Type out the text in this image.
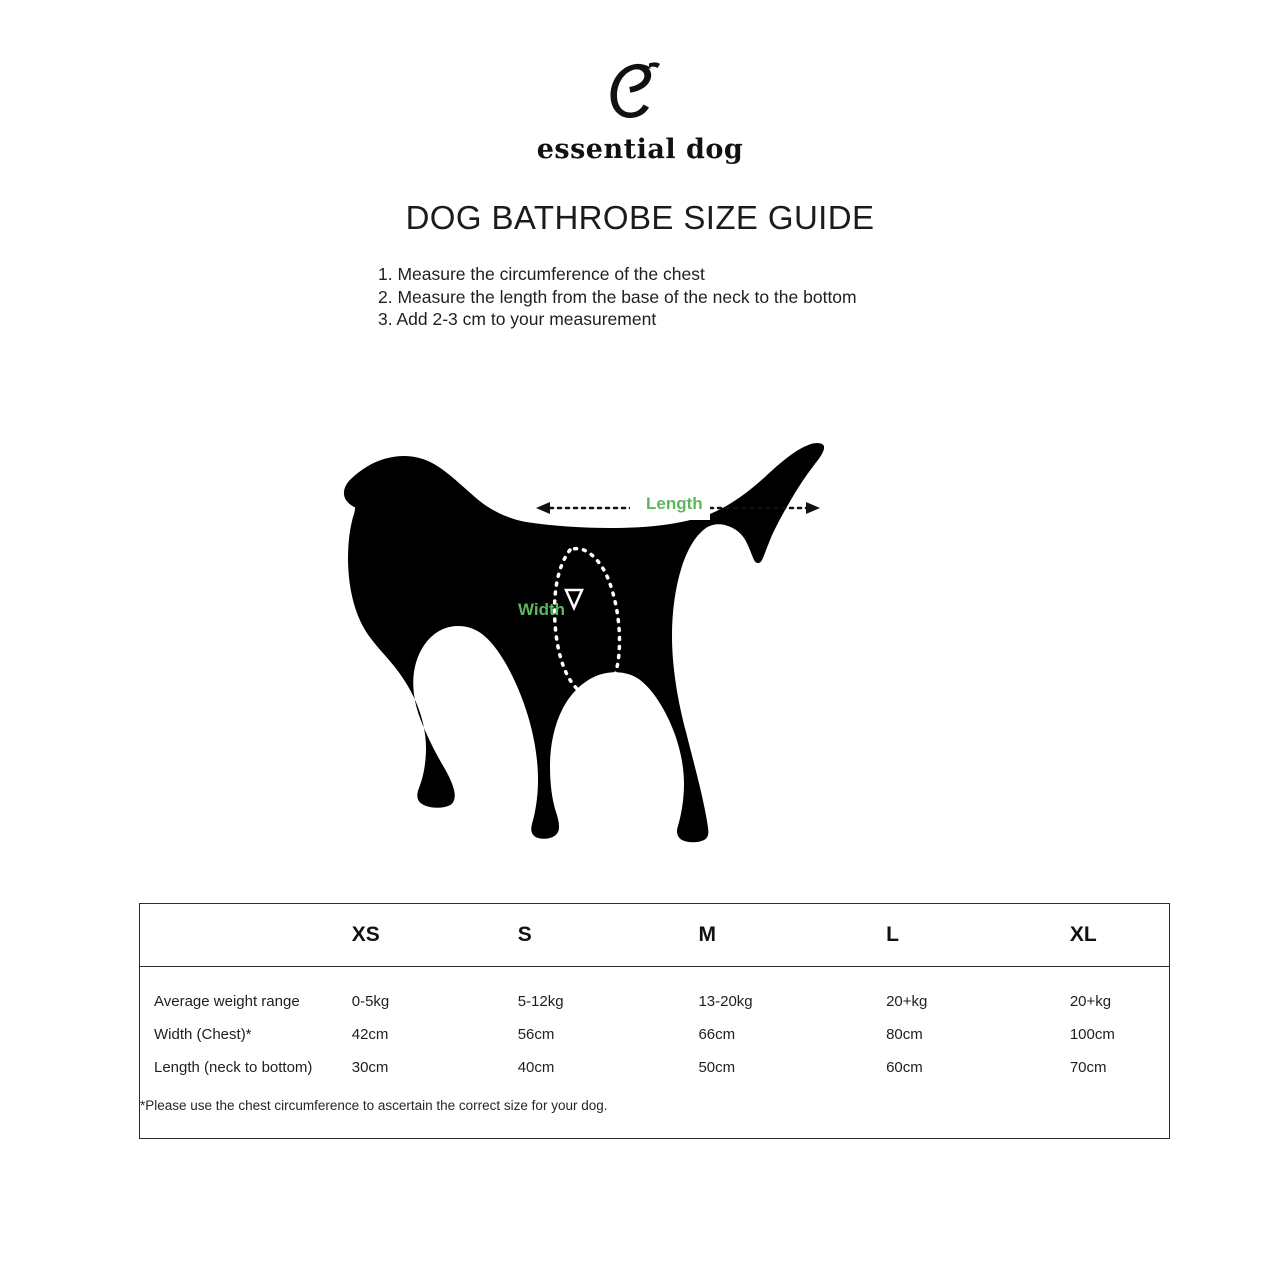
essential dog
DOG BATHROBE SIZE GUIDE
1. Measure the circumference of the chest
2. Measure the length from the base of the neck to the bottom
3. Add 2-3 cm to your measurement
Length
Width
	XS	S	M	L	XL
Average weight range	0-5kg	5-12kg	13-20kg	20+kg	20+kg
Width (Chest)*	42cm	56cm	66cm	80cm	100cm
Length (neck to bottom)	30cm	40cm	50cm	60cm	70cm

*Please use the chest circumference to ascertain the correct size for your dog.					
